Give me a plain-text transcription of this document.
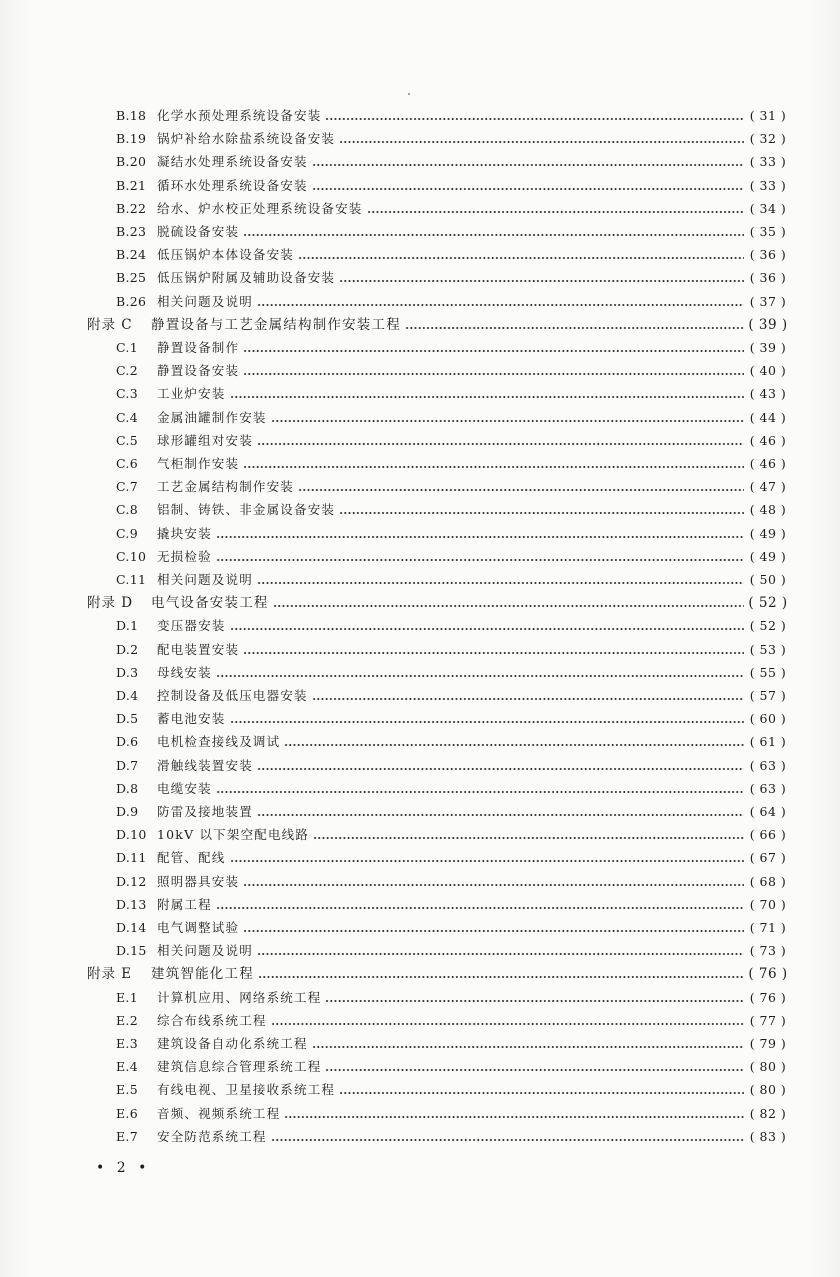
B.18 化学水预处理系统设备安装	( 31 )
B.19 锅炉补给水除盐系统设备安装	( 32 )
B.20 凝结水处理系统设备安装	( 33 )
B.21 循环水处理系统设备安装	( 33 )
B.22 给水、炉水校正处理系统设备安装	( 34 )
B.23 脱硫设备安装	( 35 )
B.24 低压锅炉本体设备安装	( 36 )
B.25 低压锅炉附属及辅助设备安装	( 36 )
B.26 相关问题及说明	( 37 )
附录 C 静置设备与工艺金属结构制作安装工程	( 39 )
C.1 静置设备制作	( 39 )
C.2 静置设备安装	( 40 )
C.3 工业炉安装	( 43 )
C.4 金属油罐制作安装	( 44 )
C.5 球形罐组对安装	( 46 )
C.6 气柜制作安装	( 46 )
C.7 工艺金属结构制作安装	( 47 )
C.8 铝制、铸铁、非金属设备安装	( 48 )
C.9 撬块安装	( 49 )
C.10 无损检验	( 49 )
C.11 相关问题及说明	( 50 )
附录 D 电气设备安装工程	( 52 )
D.1 变压器安装	( 52 )
D.2 配电装置安装	( 53 )
D.3 母线安装	( 55 )
D.4 控制设备及低压电器安装	( 57 )
D.5 蓄电池安装	( 60 )
D.6 电机检查接线及调试	( 61 )
D.7 滑触线装置安装	( 63 )
D.8 电缆安装	( 63 )
D.9 防雷及接地装置	( 64 )
D.10 10kV 以下架空配电线路	( 66 )
D.11 配管、配线	( 67 )
D.12 照明器具安装	( 68 )
D.13 附属工程	( 70 )
D.14 电气调整试验	( 71 )
D.15 相关问题及说明	( 73 )
附录 E 建筑智能化工程	( 76 )
E.1 计算机应用、网络系统工程	( 76 )
E.2 综合布线系统工程	( 77 )
E.3 建筑设备自动化系统工程	( 79 )
E.4 建筑信息综合管理系统工程	( 80 )
E.5 有线电视、卫星接收系统工程	( 80 )
E.6 音频、视频系统工程	( 82 )
E.7 安全防范系统工程	( 83 )
• 2 •
